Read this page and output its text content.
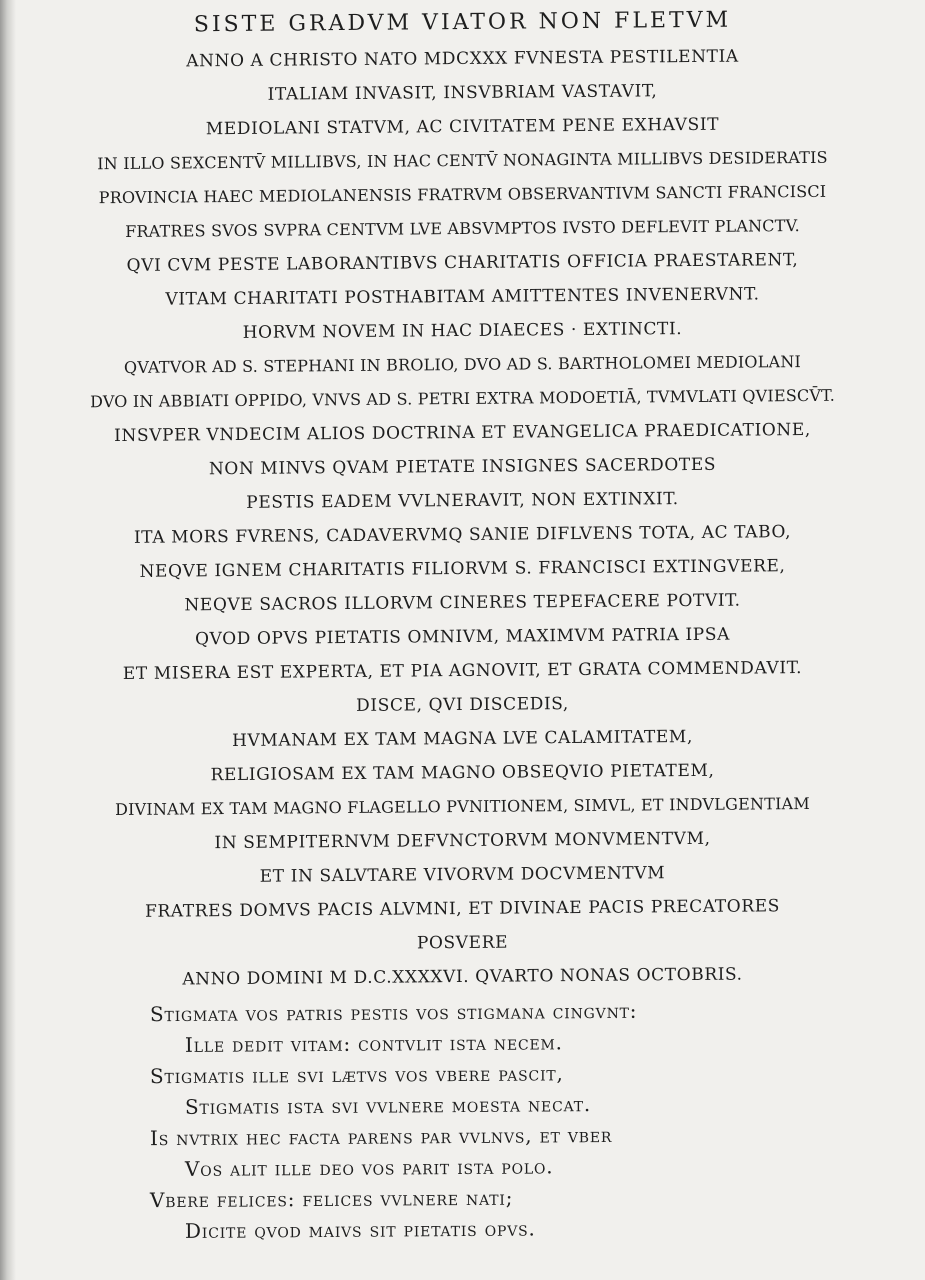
SISTE GRADVM VIATOR NON FLETVM
ANNO A CHRISTO NATO MDCXXX FVNESTA PESTILENTIA
ITALIAM INVASIT, INSVBRIAM VASTAVIT,
MEDIOLANI STATVM, AC CIVITATEM PENE EXHAVSIT
IN ILLO SEXCENTV̄ MILLIBVS, IN HAC CENTV̄ NONAGINTA MILLIBVS DESIDERATIS
PROVINCIA HAEC MEDIOLANENSIS FRATRVM OBSERVANTIVM SANCTI FRANCISCI
FRATRES SVOS SVPRA CENTVM LVE ABSVMPTOS IVSTO DEFLEVIT PLANCTV.
QVI CVM PESTE LABORANTIBVS CHARITATIS OFFICIA PRAESTARENT,
VITAM CHARITATI POSTHABITAM AMITTENTES INVENERVNT.
HORVM NOVEM IN HAC DIAECES · EXTINCTI.
QVATVOR AD S. STEPHANI IN BROLIO, DVO AD S. BARTHOLOMEI MEDIOLANI
DVO IN ABBIATI OPPIDO, VNVS AD S. PETRI EXTRA MODOETIĀ, TVMVLATI QVIESCV̄T.
INSVPER VNDECIM ALIOS DOCTRINA ET EVANGELICA PRAEDICATIONE,
NON MINVS QVAM PIETATE INSIGNES SACERDOTES
PESTIS EADEM VVLNERAVIT, NON EXTINXIT.
ITA MORS FVRENS, CADAVERVMQ SANIE DIFLVENS TOTA, AC TABO,
NEQVE IGNEM CHARITATIS FILIORVM S. FRANCISCI EXTINGVERE,
NEQVE SACROS ILLORVM CINERES TEPEFACERE POTVIT.
QVOD OPVS PIETATIS OMNIVM, MAXIMVM PATRIA IPSA
ET MISERA EST EXPERTA, ET PIA AGNOVIT, ET GRATA COMMENDAVIT.
DISCE, QVI DISCEDIS,
HVMANAM EX TAM MAGNA LVE CALAMITATEM,
RELIGIOSAM EX TAM MAGNO OBSEQVIO PIETATEM,
DIVINAM EX TAM MAGNO FLAGELLO PVNITIONEM, SIMVL, ET INDVLGENTIAM
IN SEMPITERNVM DEFVNCTORVM MONVMENTVM,
ET IN SALVTARE VIVORVM DOCVMENTVM
FRATRES DOMVS PACIS ALVMNI, ET DIVINAE PACIS PRECATORES
POSVERE
ANNO DOMINI M D.C.XXXXVI. QVARTO NONAS OCTOBRIS.
Stigmata vos patris pestis vos stigmana cingvnt:
Ille dedit vitam: contvlit ista necem.
Stigmatis ille svi lætvs vos vbere pascit,
Stigmatis ista svi vvlnere moesta necat.
Is nvtrix hec facta parens par vvlnvs, et vber
Vos alit ille deo vos parit ista polo.
Vbere felices: felices vvlnere nati;
Dicite qvod maivs sit pietatis opvs.
